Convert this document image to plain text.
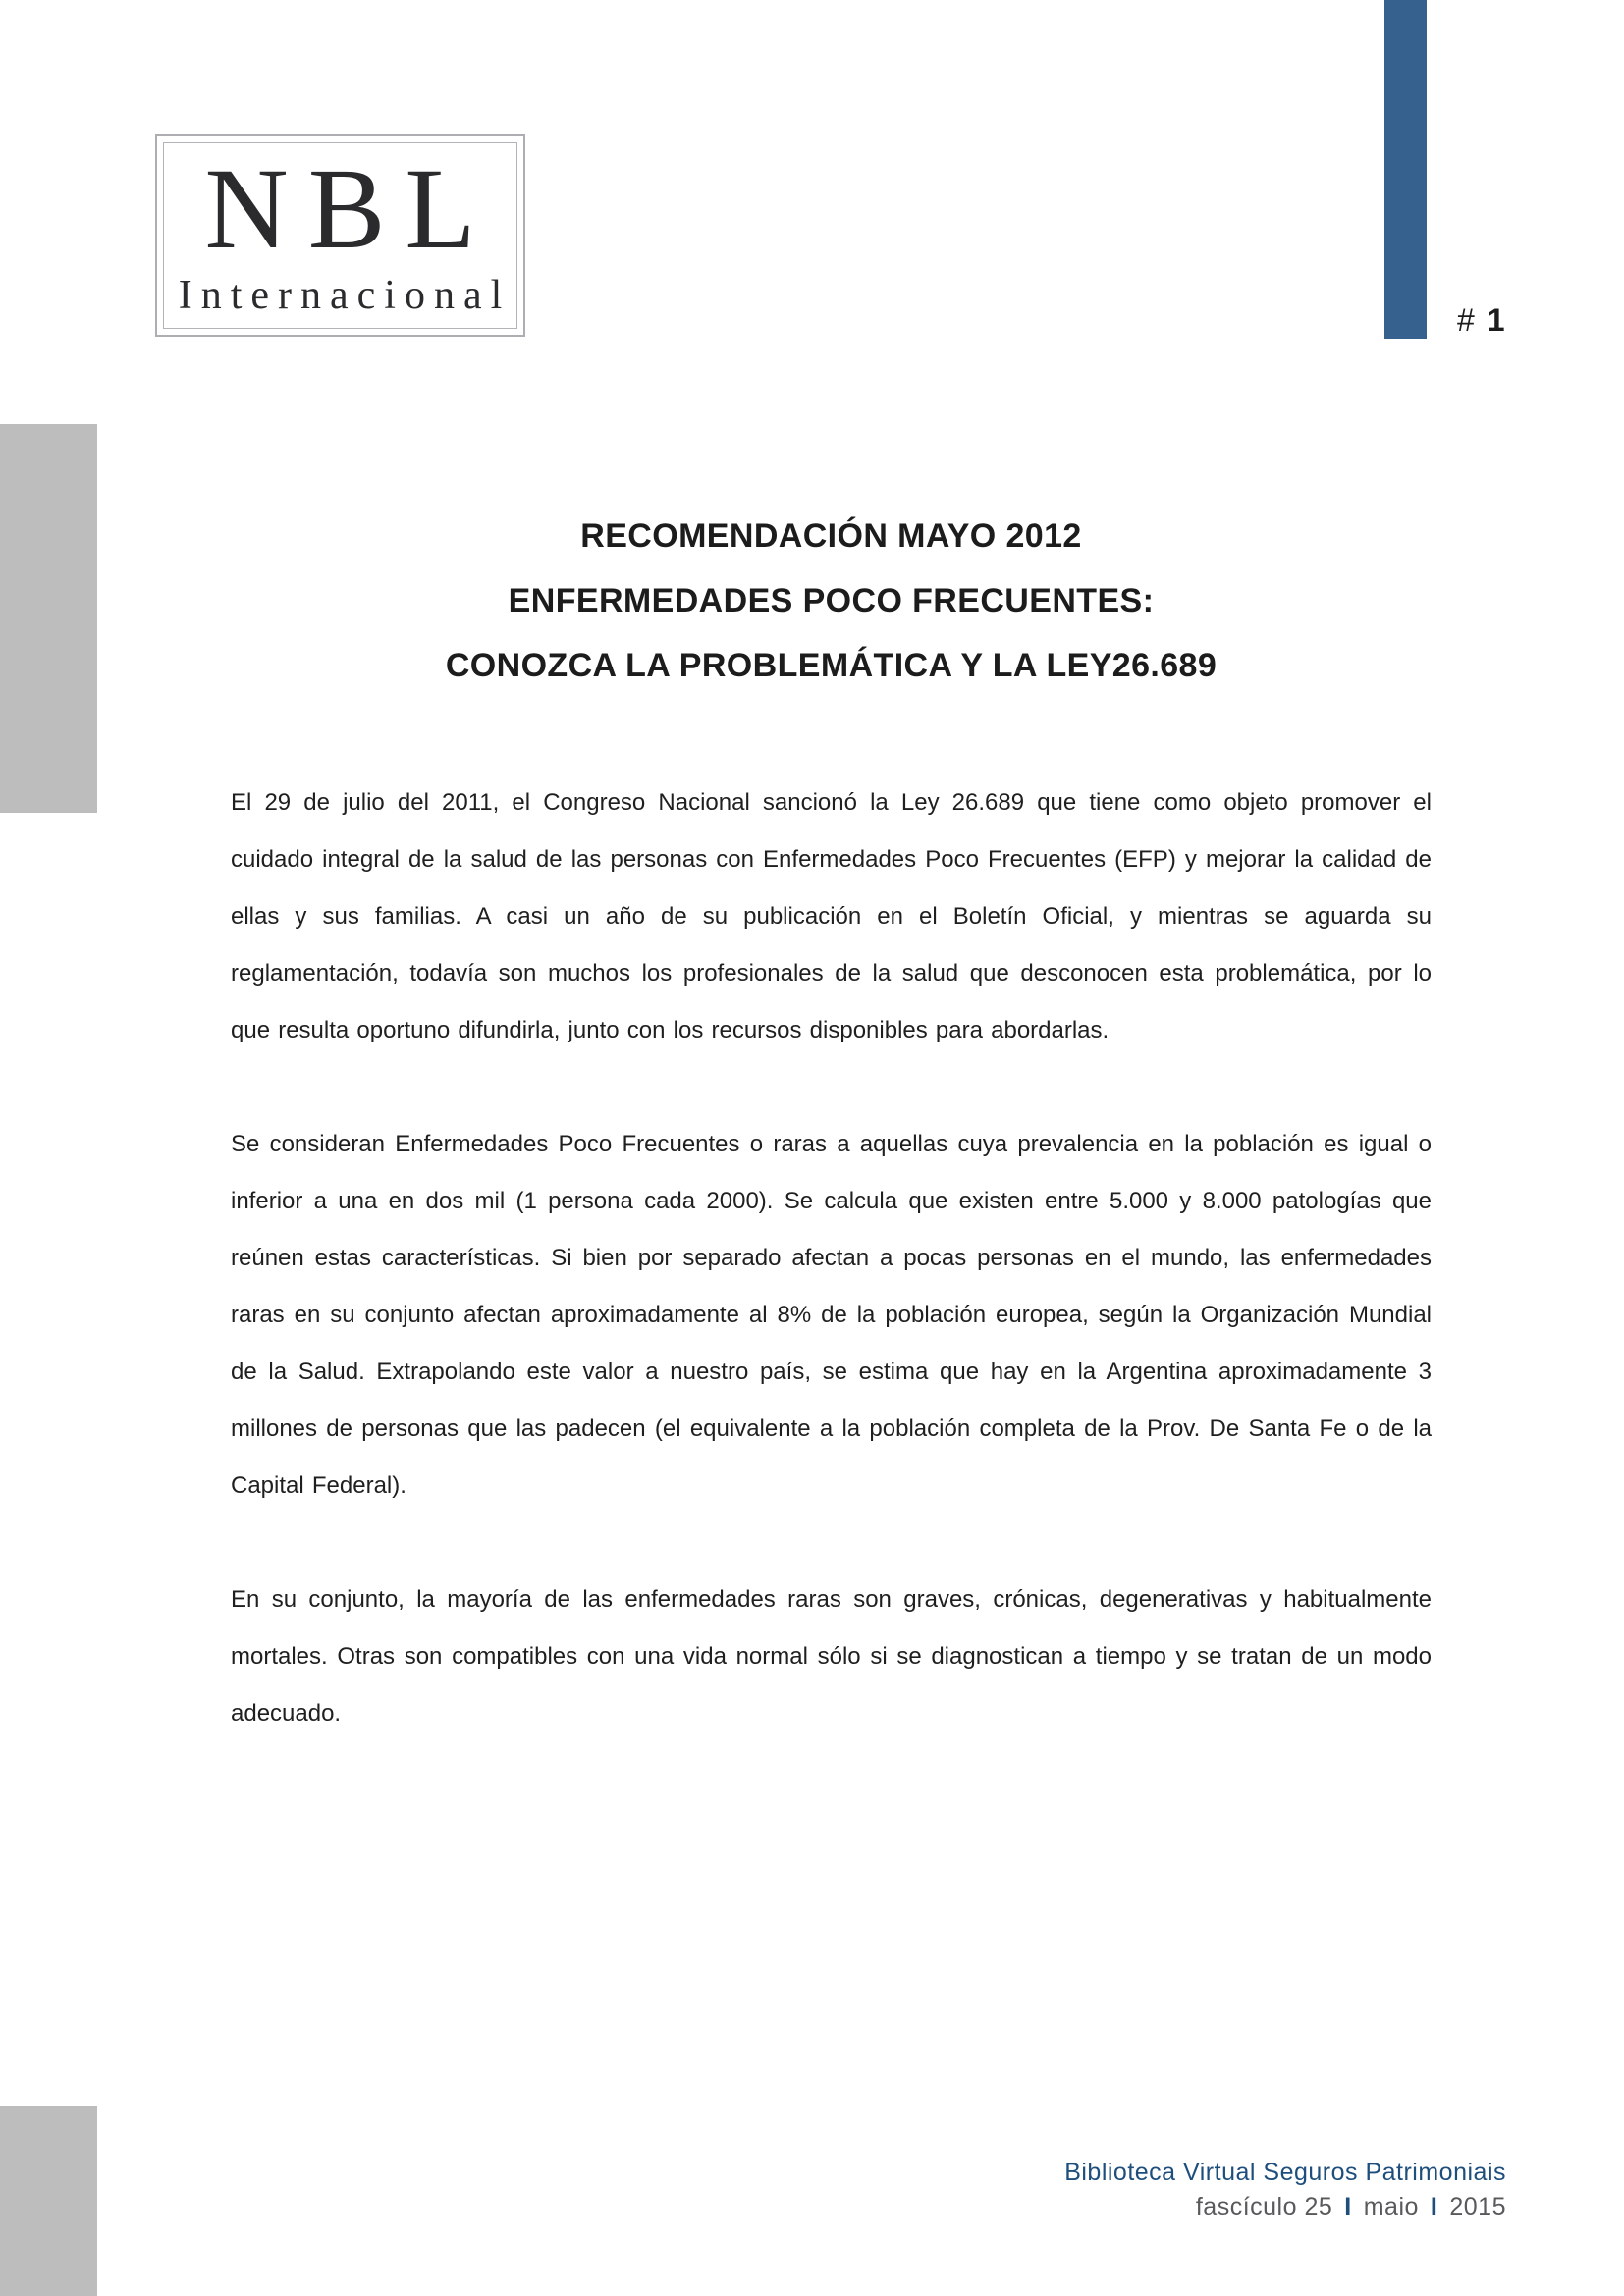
# 1
NBL
Internacional
RECOMENDACIÓN MAYO 2012
ENFERMEDADES POCO FRECUENTES:
CONOZCA LA PROBLEMÁTICA Y LA LEY26.689

El 29 de julio del 2011, el Congreso Nacional sancionó la Ley 26.689 que tiene como objeto promover el cuidado integral de la salud de las personas con Enfermedades Poco Frecuentes (EFP) y mejorar la calidad de ellas y sus familias. A casi un año de su publicación en el Boletín Oficial, y mientras se aguarda su reglamentación, todavía son muchos los profesionales de la salud que desconocen esta problemática, por lo que resulta oportuno difundirla, junto con los recursos disponibles para abordarlas.

Se consideran Enfermedades Poco Frecuentes o raras a aquellas cuya prevalencia en la población es igual o inferior a una en dos mil (1 persona cada 2000). Se calcula que existen entre 5.000 y 8.000 patologías que reúnen estas características. Si bien por separado afectan a pocas personas en el mundo, las enfermedades raras en su conjunto afectan aproximadamente al 8% de la población europea, según la Organización Mundial de la Salud. Extrapolando este valor a nuestro país, se estima que hay en la Argentina aproximadamente 3 millones de personas que las padecen (el equivalente a la población completa de la Prov. De Santa Fe o de la Capital Federal).

En su conjunto, la mayoría de las enfermedades raras son graves, crónicas, degenerativas y habitualmente mortales. Otras son compatibles con una vida normal sólo si se diagnostican a tiempo y se tratan de un modo adecuado.

Biblioteca Virtual Seguros Patrimoniais
fascículo 25 I maio I 2015
